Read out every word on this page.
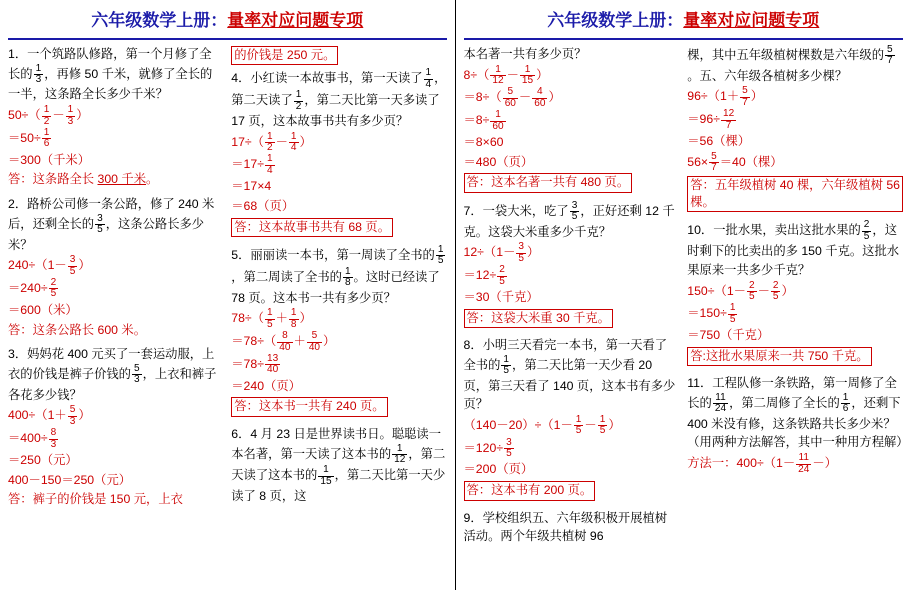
六年级数学上册：量率对应问题专项

1．一个筑路队修路，第一个月修了全长的 $\frac{1}{3}$ ，再修 50 千米，就修了全长的一半，这条路全长多少千米？

$50\div( \frac{1}{2} - \frac{1}{3}$ ）

$=50\div \frac{1}{6}$

＝300（千米）

答：这条路全长 300 千米。

2．路桥公司修一条公路，修了 240 米后，还剩全长的 $\frac{3}{5}$ ，这条公路长多少米？

$240\div(1- \frac{3}{5}$ ）

$=240\div \frac{2}{5}$

＝600（米）

答：这条公路长 600 米。

3．妈妈花 400 元买了一套运动服，上衣的价钱是裤子价钱的 $\frac{5}{3}$ ，上衣和裤子各花多少钱？

$400\div(1+ \frac{5}{3}$ ）

$=400\div \frac{8}{3}$

＝250（元）

400－150＝250（元）

答：裤子的价钱是 150 元，上衣

的价钱是 250 元。

4．小红读一本故事书，第一天读了 $\frac{1}{4}$ ，第二天读了 $\frac{1}{2}$ ，第二天比第一天多读了 17 页，这本故事书共有多少页？

$17\div( \frac{1}{2} - \frac{1}{4}$ ）

$=17\div \frac{1}{4}$

＝17×4

＝68（页）

答：这本故事书共有 68 页。

5．丽丽读一本书，第一周读了全书的 $\frac{1}{5}$
，第二周读了全书的 $\frac{1}{8}$ 。这时已经读了 78 页。这本书一共有多少页？

$78\div( \frac{1}{5} + \frac{1}{8}$ ）

$=78\div( \frac{8}{40} + \frac{5}{40}$ ）

$=78\div \frac{13}{40}$

＝240（页）

答：这本书一共有 240 页。

6．4 月 23 日是世界读书日。聪聪读一本名著，第一天读了这本书的 $\frac{1}{12}$ ，第二天读了这本书的 $\frac{1}{15}$ ，第二天比第一天少读了 8 页，这

六年级数学上册：量率对应问题专项

本名著一共有多少页？

$8\div( \frac{1}{12} - \frac{1}{15}$ ）

$=8\div( \frac{5}{60} - \frac{4}{60}$ ）

$=8\div \frac{1}{60}$

＝8×60

＝480（页）

答：这本名著一共有 480 页。

7．一袋大米，吃了 $\frac{3}{5}$ ，正好还剩 12 千克。这袋大米重多少千克？

$12\div(1- \frac{3}{5}$ ）

$=12\div \frac{2}{5}$

＝30（千克）

答：这袋大米重 30 千克。

8．小明三天看完一本书，第一天看了全书的 $\frac{1}{5}$ ，第二天比第一天少看 20 页，第三天看了 140 页，这本书有多少页？

$(140-20)\div(1- \frac{1}{5} - \frac{1}{5}$ ）

$=120\div \frac{3}{5}$

＝200（页）

答：这本书有 200 页。

9．学校组织五、六年级积极开展植树活动。两个年级共植树 96

棵，其中五年级植树棵数是六年级的 $\frac{5}{7}$
。五、六年级各植树多少棵？

$96\div(1+ \frac{5}{7}$ ）

$=96\div \frac{12}{7}$

＝56（棵）

$56\times \frac{5}{7} =40$（棵）

答：五年级植树 40 棵，六年级植树 56 棵。

10．一批水果，卖出这批水果的 $\frac{2}{5}$ ，这时剩下的比卖出的多 150 千克。这批水果原来一共多少千克？

$150\div(1- \frac{2}{5} - \frac{2}{5}$ ）

$=150\div \frac{1}{5}$

＝750（千克）

答:这批水果原来一共 750 千克。

11．工程队修一条铁路，第一周修了全长的 $\frac{11}{24}$ ，第二周修了全长的 $\frac{1}{6}$ ，还剩下 400 米没有修，这条铁路共长多少米？（用两种方法解答，其中一种用方程解）

方法一：$400\div(1- \frac{11}{24}$ －）
